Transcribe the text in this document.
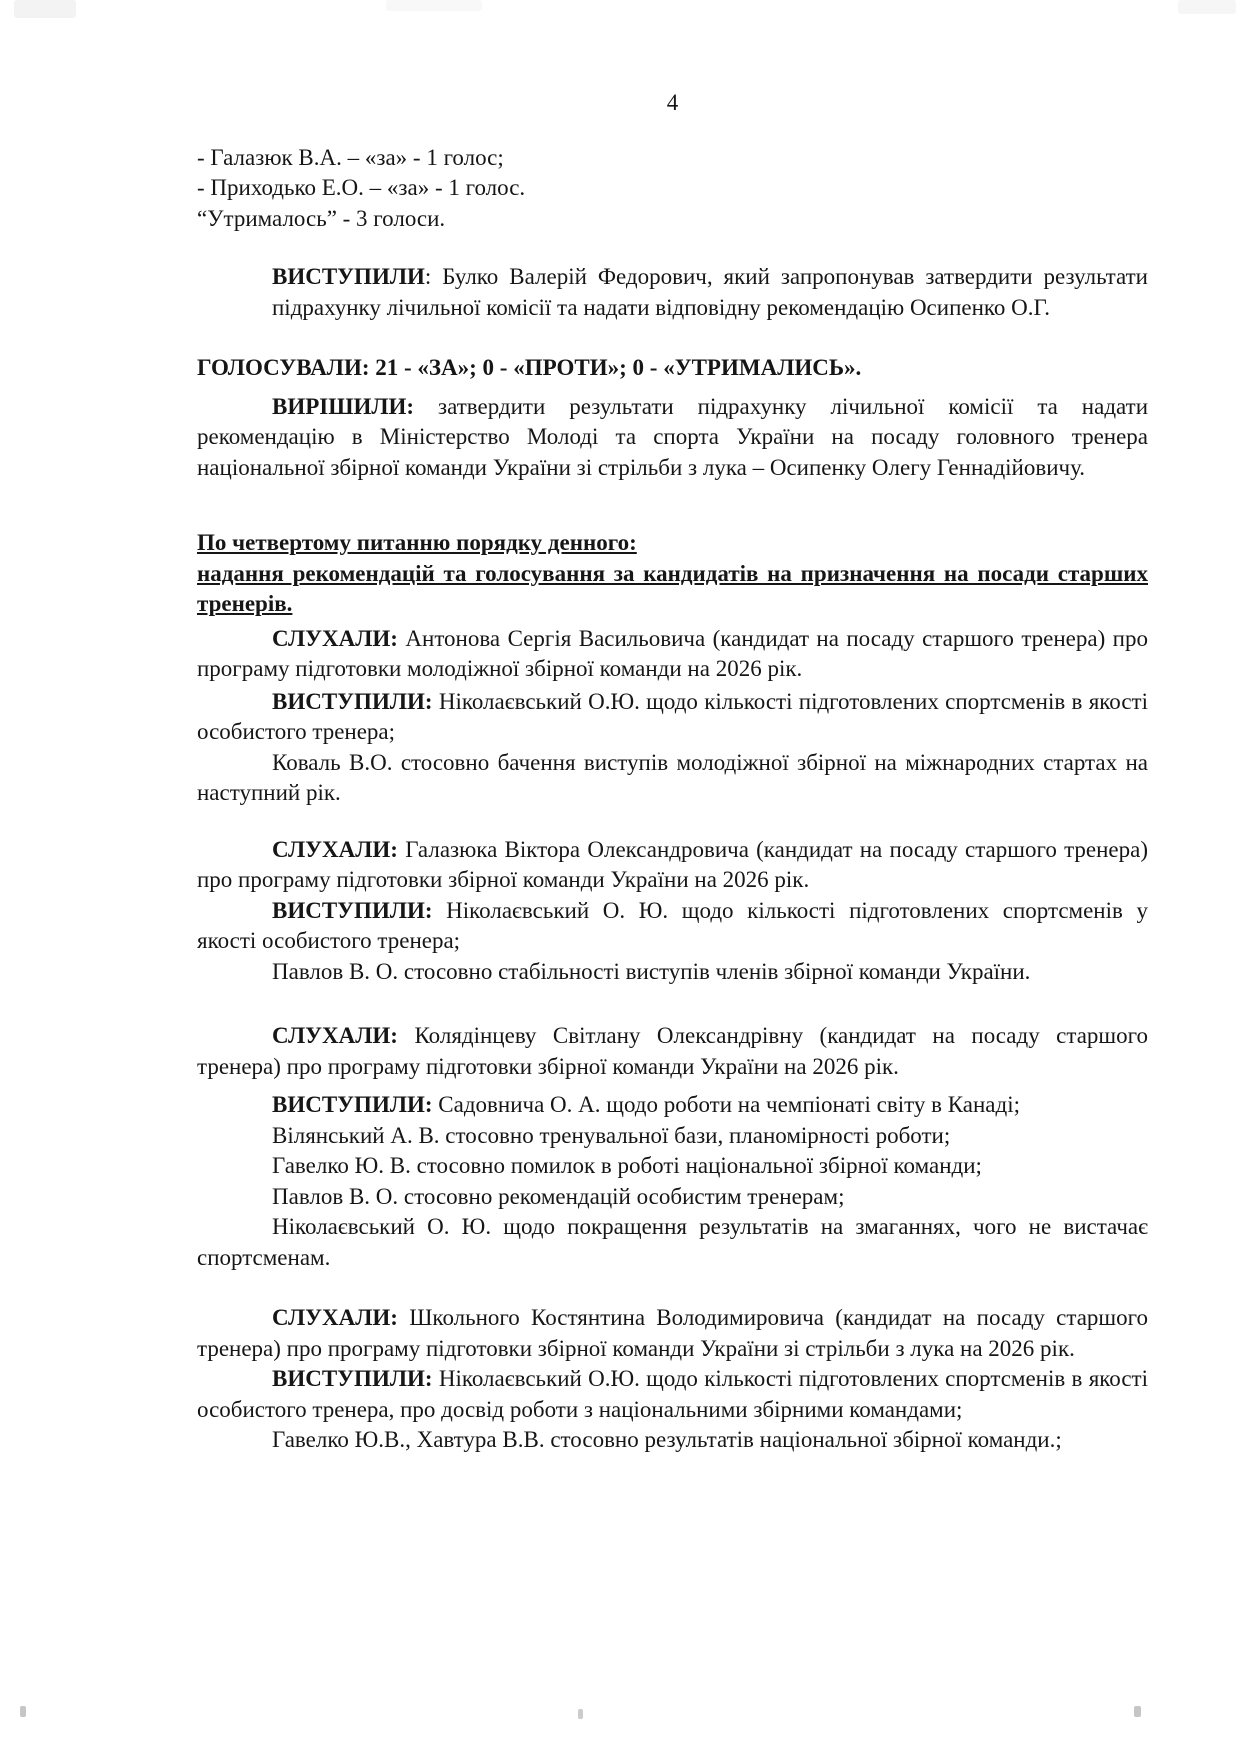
4

- Галазюк В.А. – «за» - 1 голос;

- Приходько Е.О. – «за» - 1 голос.

“Утрималось” - 3 голоси.

ВИСТУПИЛИ: Булко Валерій Федорович, який запропонував затвердити результати підрахунку лічильної комісії та надати відповідну рекомендацію Осипенко О.Г.

ГОЛОСУВАЛИ: 21 - «ЗА»; 0 - «ПРОТИ»; 0 - «УТРИМАЛИСЬ».

ВИРІШИЛИ: затвердити результати підрахунку лічильної комісії та надати рекомендацію в Міністерство Молоді та спорта України на посаду головного тренера національної збірної команди України зі стрільби з лука – Осипенку Олегу Геннадійовичу.

По четвертому питанню порядку денного:

надання рекомендацій та голосування за кандидатів на призначення на посади старших тренерів.

СЛУХАЛИ: Антонова Сергія Васильовича (кандидат на посаду старшого тренера) про програму підготовки молодіжної збірної команди на 2026 рік.

ВИСТУПИЛИ: Ніколаєвський О.Ю. щодо кількості підготовлених спортсменів в якості особистого тренера;

Коваль В.О. стосовно бачення виступів молодіжної збірної на міжнародних стартах на наступний рік.

СЛУХАЛИ: Галазюка Віктора Олександровича (кандидат на посаду старшого тренера) про програму підготовки збірної команди України на 2026 рік.

ВИСТУПИЛИ: Ніколаєвський О. Ю. щодо кількості підготовлених спортсменів у якості особистого тренера;

Павлов В. О. стосовно стабільності виступів членів збірної команди України.

СЛУХАЛИ: Колядінцеву Світлану Олександрівну (кандидат на посаду старшого тренера) про програму підготовки збірної команди України на 2026 рік.

ВИСТУПИЛИ: Садовнича О. А. щодо роботи на чемпіонаті світу в Канаді;

Вілянський А. В. стосовно тренувальної бази, планомірності роботи;

Гавелко Ю. В. стосовно помилок в роботі національної збірної команди;

Павлов В. О. стосовно рекомендацій особистим тренерам;

Ніколаєвський О. Ю. щодо покращення результатів на змаганнях, чого не вистачає спортсменам.

СЛУХАЛИ: Школьного Костянтина Володимировича (кандидат на посаду старшого тренера) про програму підготовки збірної команди України зі стрільби з лука на 2026 рік.

ВИСТУПИЛИ: Ніколаєвський О.Ю. щодо кількості підготовлених спортсменів в якості особистого тренера, про досвід роботи з національними збірними командами;

Гавелко Ю.В., Хавтура В.В. стосовно результатів національної збірної команди.;
